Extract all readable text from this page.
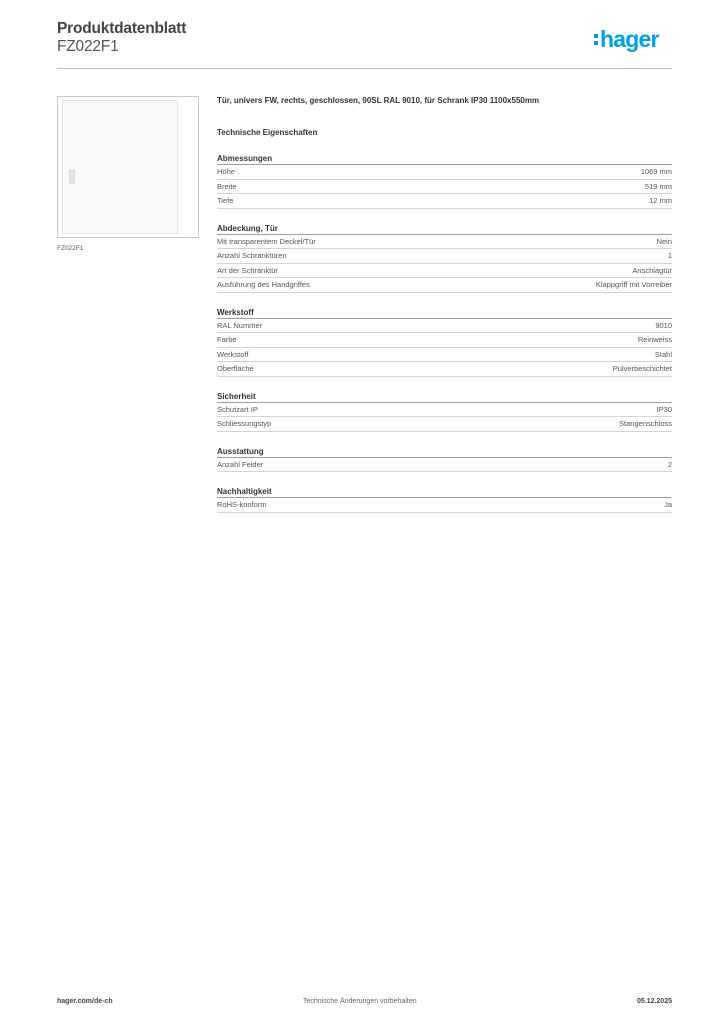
Produktdatenblatt
FZ022F1	hager
FZ022F1
Tür, univers FW, rechts, geschlossen, 90SL RAL 9010, für Schrank IP30 1100x550mm
Technische Eigenschaften
Abmessungen
Höhe	1069 mm
Breite	519 mm
Tiefe	12 mm
Abdeckung, Tür
Mit transparentem Deckel/Tür	Nein
Anzahl Schranktüren	1
Art der Schranktür	Anschlagtür
Ausführung des Handgriffes	Klappgriff mit Vorreiber
Werkstoff
RAL Nummer	9010
Farbe	Reinweiss
Werkstoff	Stahl
Oberfläche	Pulverbeschichtet
Sicherheit
Schutzart IP	IP30
Schliessungstyp	Stangenschloss
Ausstattung
Anzahl Felder	2
Nachhaltigkeit
RoHS-konform	Ja
hager.com/de-ch	Technische Änderungen vorbehalten	05.12.2025
